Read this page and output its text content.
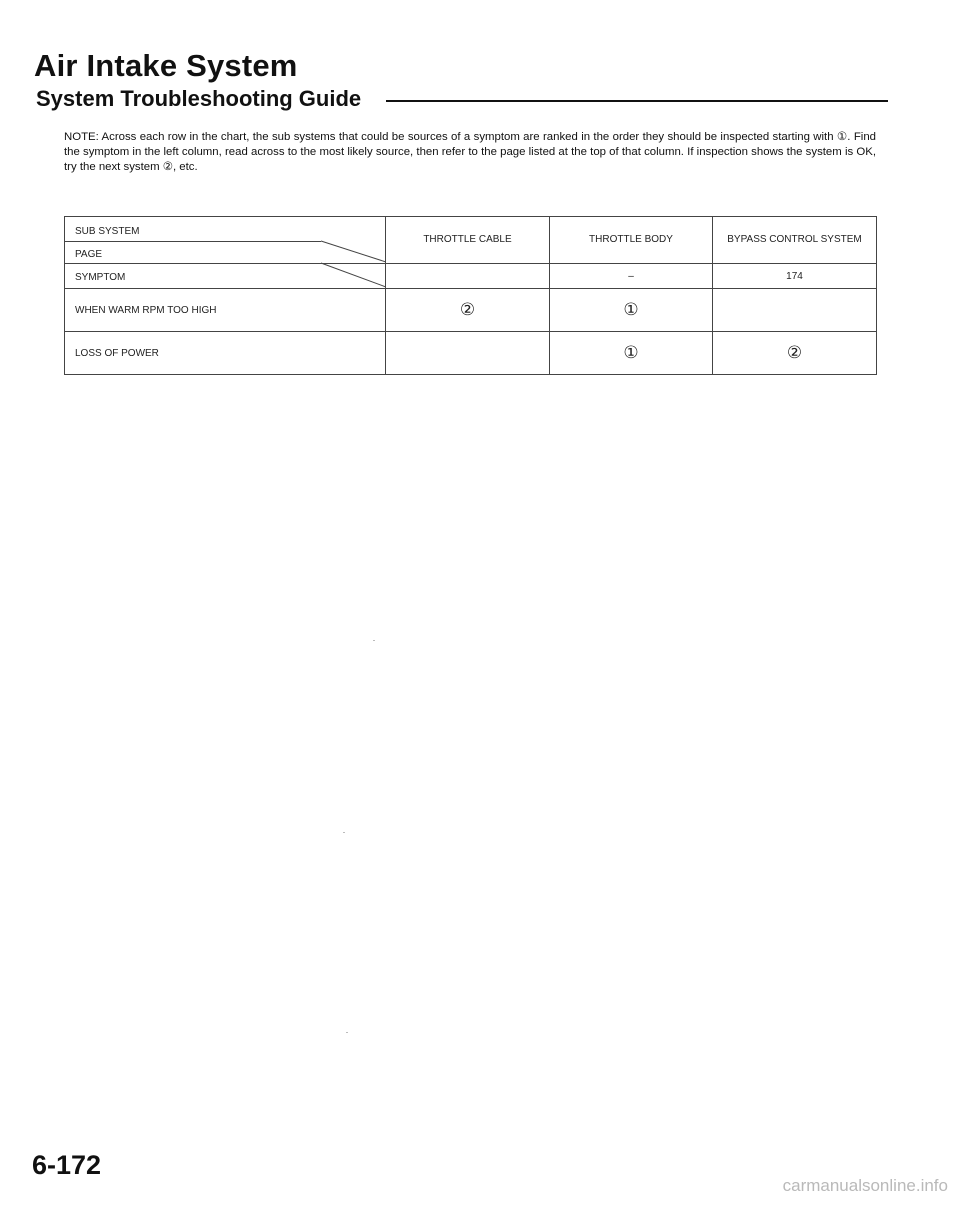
Air Intake System
System Troubleshooting Guide
NOTE: Across each row in the chart, the sub systems that could be sources of a symptom are ranked in the order they should be inspected starting with ①. Find the symptom in the left column, read across to the most likely source, then refer to the page listed at the top of that column. If inspection shows the system is OK, try the next system ②, etc.
SUB SYSTEM
PAGE
SYMPTOM	THROTTLE CABLE	THROTTLE BODY	BYPASS CONTROL SYSTEM
		–	174
WHEN WARM RPM TOO HIGH	②	①	
LOSS OF POWER		①	②
6-172
carmanualsonline.info
